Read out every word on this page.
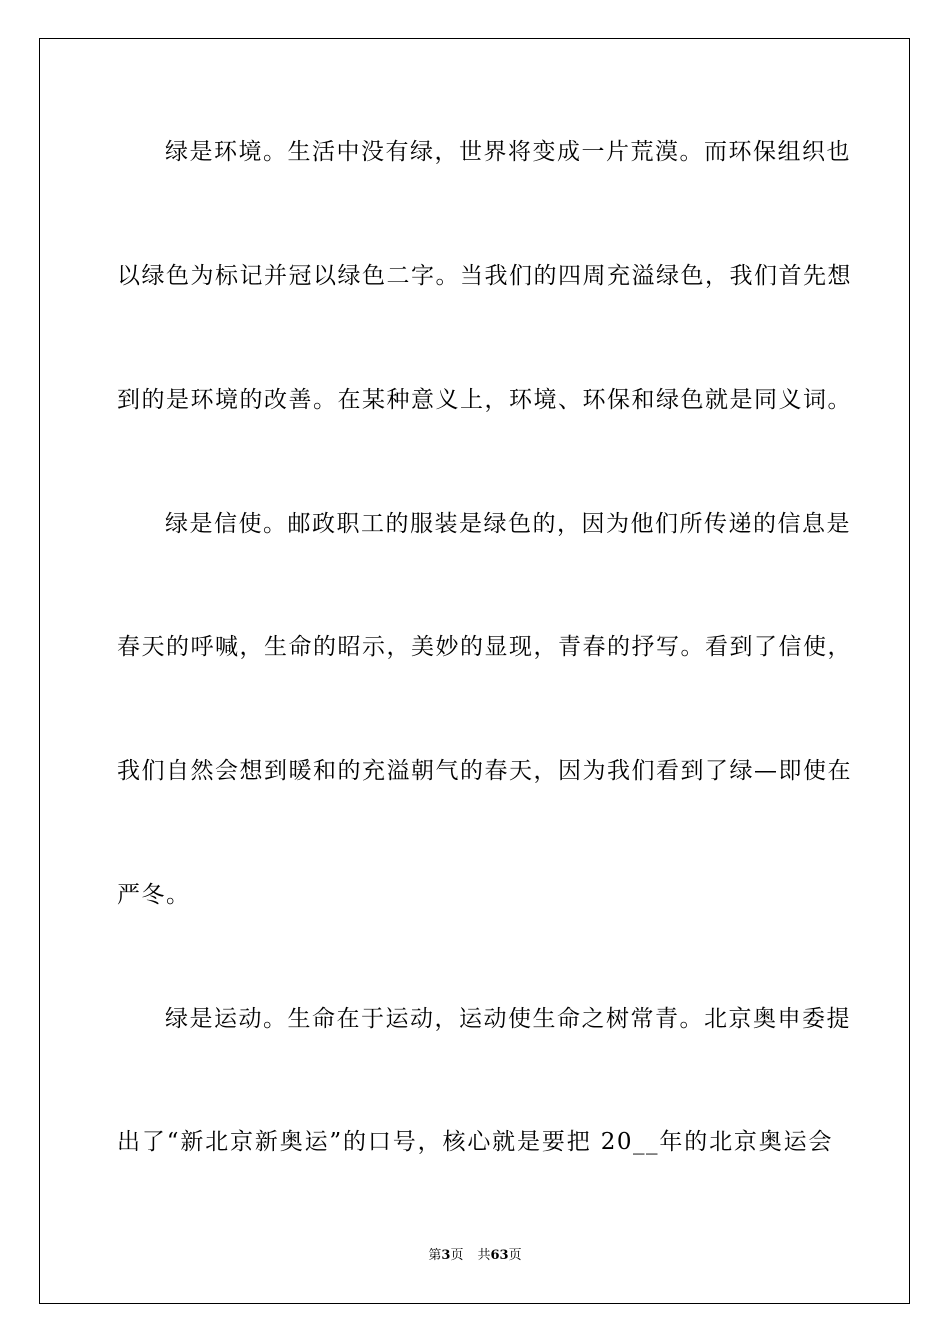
绿是环境。生活中没有绿，世界将变成一片荒漠。而环保组织也
以绿色为标记并冠以绿色二字。当我们的四周充溢绿色，我们首先想
到的是环境的改善。在某种意义上，环境、环保和绿色就是同义词。
绿是信使。邮政职工的服装是绿色的，因为他们所传递的信息是
春天的呼喊，生命的昭示，美妙的显现，青春的抒写。看到了信使，
我们自然会想到暖和的充溢朝气的春天，因为我们看到了绿—即使在
严冬。
绿是运动。生命在于运动，运动使生命之树常青。北京奥申委提
出了“新北京新奥运”的口号，核心就是要把 20__年的北京奥运会
第3页 共63页
